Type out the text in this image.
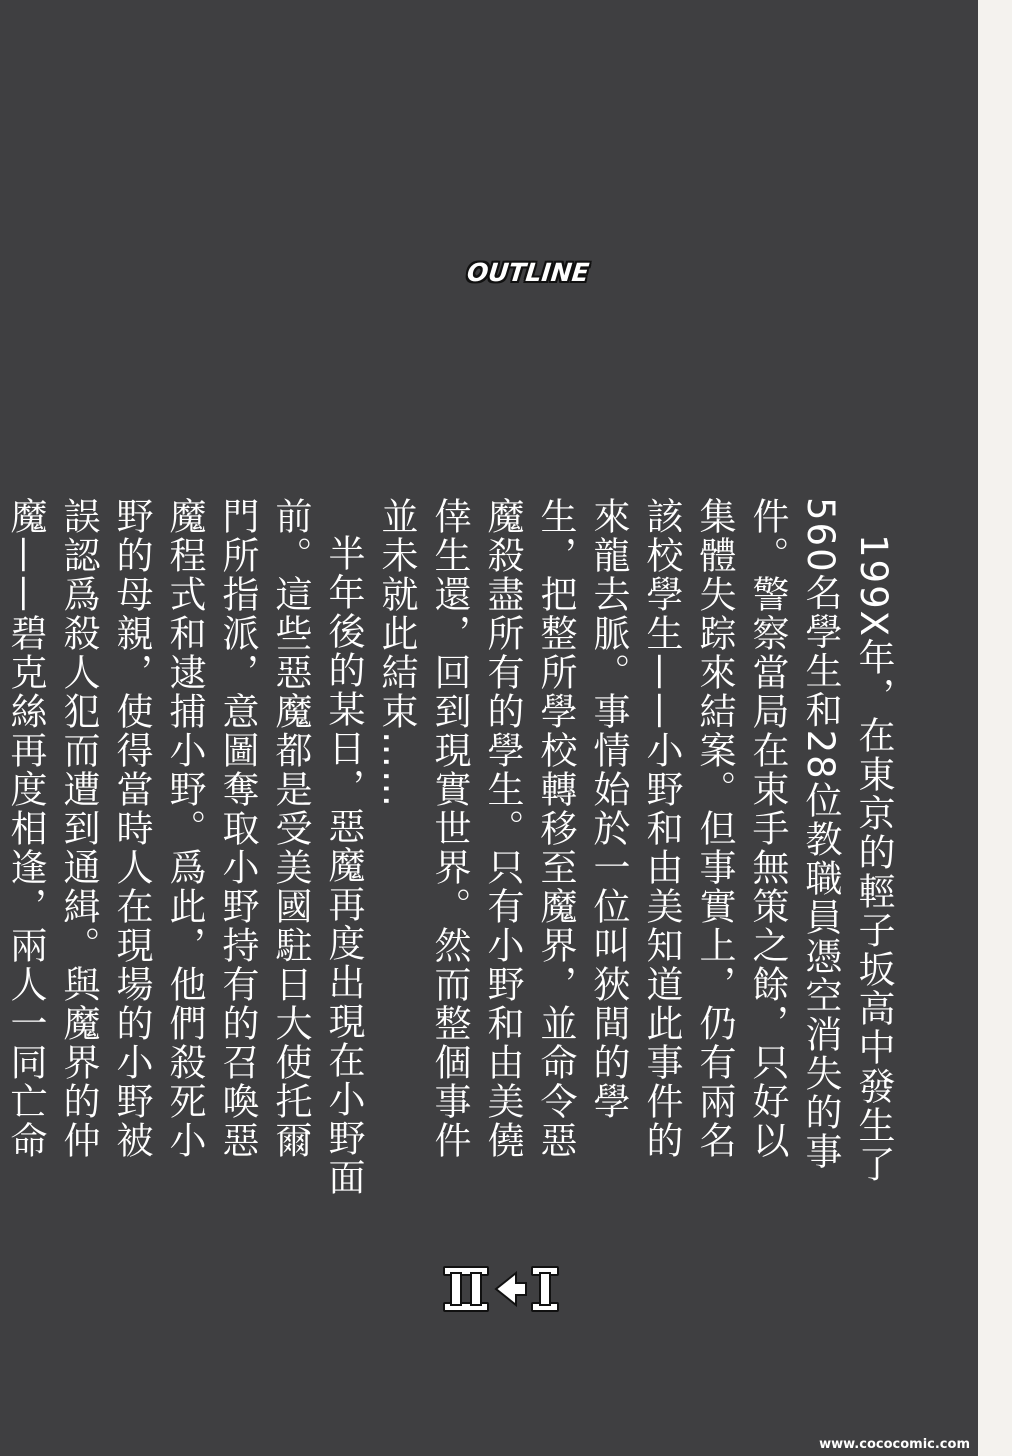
OUTLINE

199X年，在東京的輕子坂高中發生了560名學生和28位教職員憑空消失的事件。警察當局在束手無策之餘，只好以集體失踪來結案。但事實上，仍有兩名該校學生——小野和由美知道此事件的來龍去脈。事情始於一位叫狹間的學生，把整所學校轉移至魔界，並命令惡魔殺盡所有的學生。只有小野和由美僥倖生還，回到現實世界。然而整個事件並未就此結束……

半年後的某日，惡魔再度出現在小野面前。這些惡魔都是受美國駐日大使托爾門所指派，意圖奪取小野持有的召喚惡魔程式和逮捕小野。爲此，他們殺死小野的母親，使得當時人在現場的小野被誤認爲殺人犯而遭到通緝。與魔界的仲魔——碧克絲再度相逢，兩人一同亡命

www.cococomic.com
